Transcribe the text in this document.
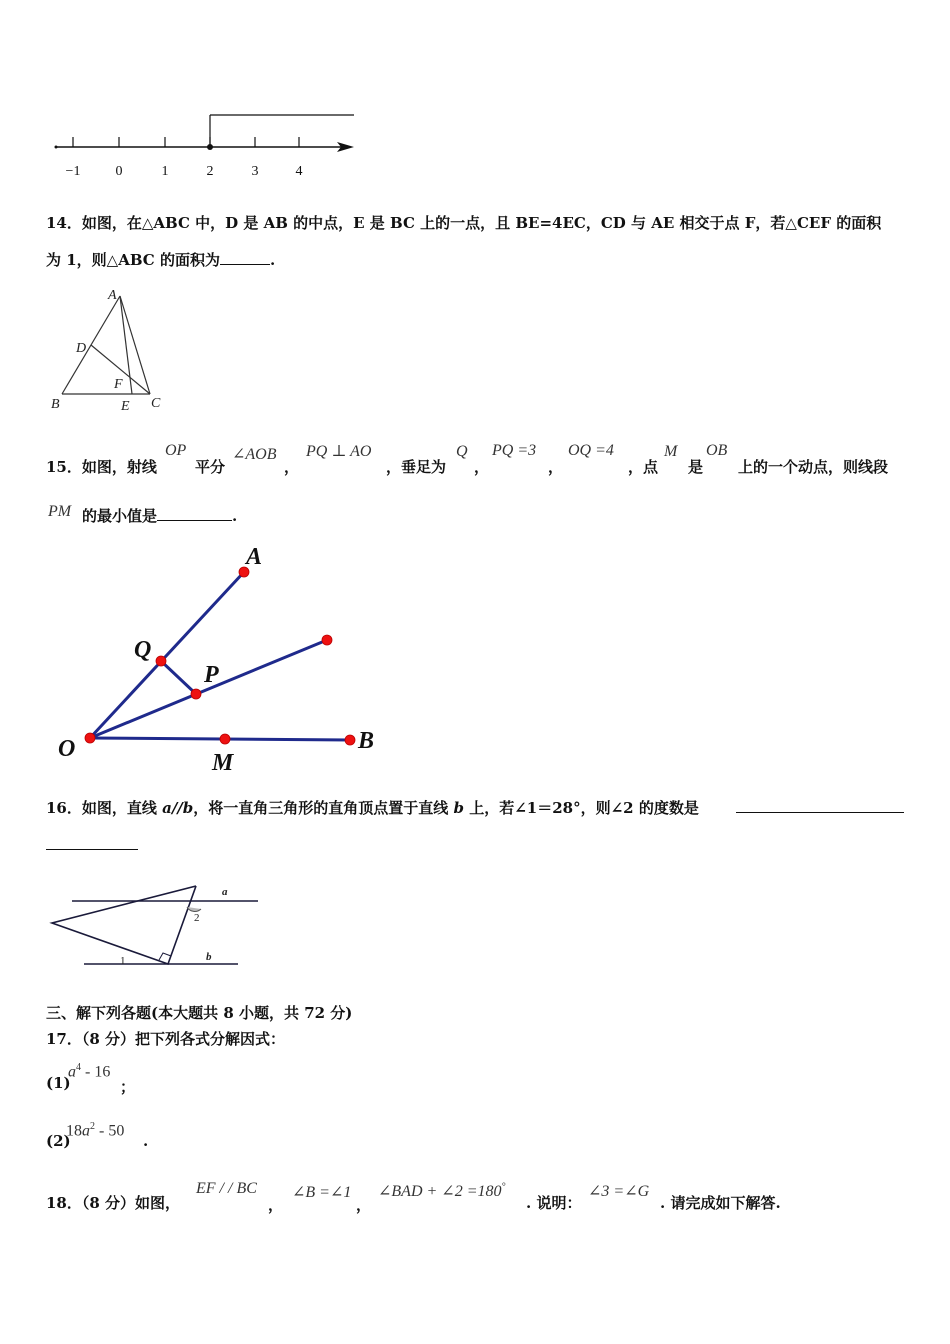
−1	0	1	2	3	4
14．如图，在△ABC 中，D 是 AB 的中点，E 是 BC 上的一点，且 BE=4EC，CD 与 AE 相交于点 F，若△CEF 的面积
为 1，则△ABC 的面积为	.
A
D
F
B	E C
15．如图，射线
OP
平分
∠AOB
，
PQ ⊥ AO
，垂足为
Q
，
PQ =3
，
OQ =4
，点
M
是
OB
上的一个动点，则线段
PM 的最小值是	.
A
Q
P
O
M
B
16．如图，直线 a//b，将一直角三角形的直角顶点置于直线 b 上，若∠1＝28°，则∠2 的度数是
a
b
1
2
三、解下列各题(本大题共 8 小题，共 72 分)
17．（8 分）把下列各式分解因式：
(1)
$a^4 - 16$
；
(2)
$18a^2 - 50$
.
18．（8 分）如图，
EF / / BC
，
∠B =∠1
，
∠BAD + ∠2 =180°
. 说明：
∠3 =∠G
. 请完成如下解答.
